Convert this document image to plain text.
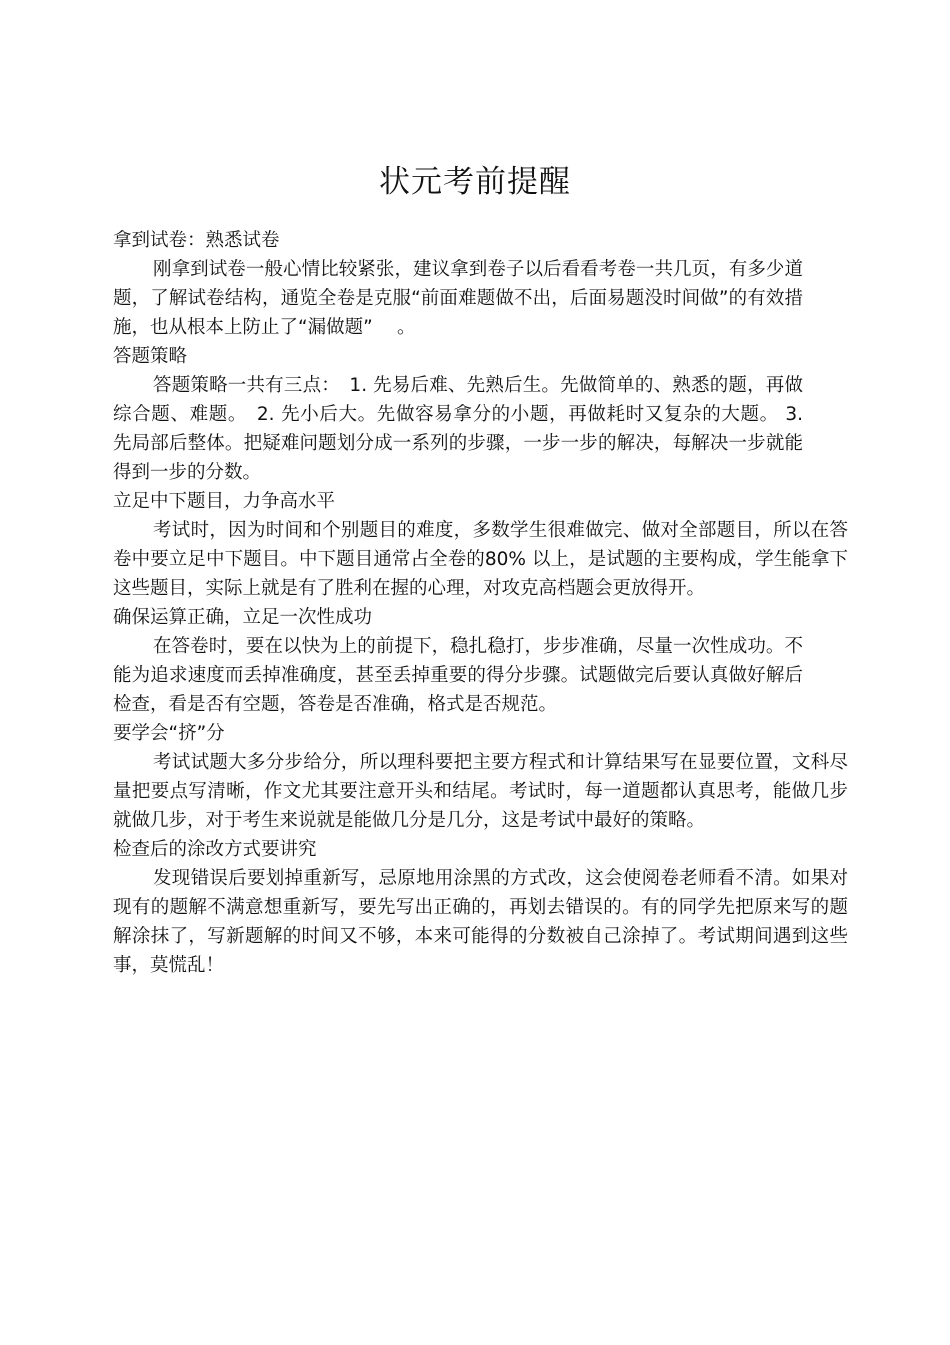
状元考前提醒

拿到试卷：熟悉试卷

刚拿到试卷一般心情比较紧张，建议拿到卷子以后看看考卷一共几页，有多少道题，了解试卷结构，通览全卷是克服“前面难题做不出，后面易题没时间做”的有效措施，也从根本上防止了“漏做题”　 。

答题策略

答题策略一共有三点：　1. 先易后难、先熟后生。先做简单的、熟悉的题，再做综合题、难题。　2. 先小后大。先做容易拿分的小题，再做耗时又复杂的大题。 3. 先局部后整体。把疑难问题划分成一系列的步骤，一步一步的解决，每解决一步就能得到一步的分数。

立足中下题目，力争高水平

考试时，因为时间和个别题目的难度，多数学生很难做完、做对全部题目，所以在答卷中要立足中下题目。中下题目通常占全卷的80% 以上，是试题的主要构成，学生能拿下这些题目，实际上就是有了胜利在握的心理，对攻克高档题会更放得开。

确保运算正确，立足一次性成功

在答卷时，要在以快为上的前提下，稳扎稳打，步步准确，尽量一次性成功。不能为追求速度而丢掉准确度，甚至丢掉重要的得分步骤。试题做完后要认真做好解后检查，看是否有空题，答卷是否准确，格式是否规范。

要学会“挤”分

考试试题大多分步给分，所以理科要把主要方程式和计算结果写在显要位置，文科尽量把要点写清晰，作文尤其要注意开头和结尾。考试时，每一道题都认真思考，能做几步就做几步，对于考生来说就是能做几分是几分，这是考试中最好的策略。

检查后的涂改方式要讲究

发现错误后要划掉重新写，忌原地用涂黑的方式改，这会使阅卷老师看不清。如果对现有的题解不满意想重新写，要先写出正确的，再划去错误的。有的同学先把原来写的题解涂抹了，写新题解的时间又不够，本来可能得的分数被自己涂掉了。考试期间遇到这些事，莫慌乱！
